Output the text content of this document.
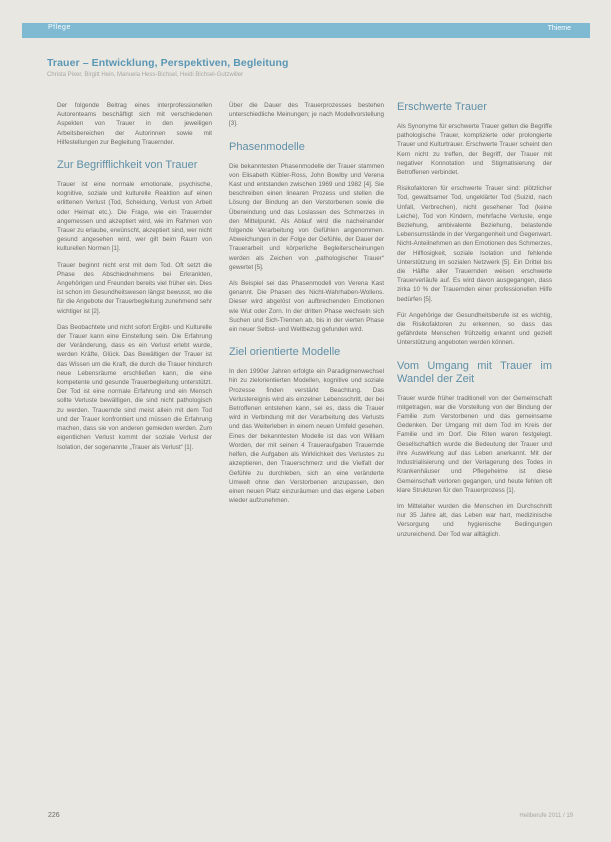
Pflege	Thieme
Trauer – Entwicklung, Perspektiven, Begleitung
Christa Pixer, Birgitt Hein, Manuela Hess-Bichsel, Heidi Bichsel-Gutzwiller

Der folgende Beitrag eines interprofessionellen Autorenteams beschäftigt sich mit verschiedenen Aspekten von Trauer in den jeweiligen Arbeitsbereichen der Autorinnen sowie mit Hilfestellungen zur Begleitung Trauernder.

Zur Begrifflichkeit von Trauer

Trauer ist eine normale emotionale, psychische, kognitive, soziale und kulturelle Reaktion auf einen erlittenen Verlust (Tod, Scheidung, Verlust von Arbeit oder Heimat etc.). Die Frage, wie ein Trauernder angemessen und akzeptiert wird, wie im Rahmen von Trauer zu erlaube, erwünscht, akzeptiert sind, wer nicht gesund angesehen wird, wer gilt beim Raum von kulturellen Normen [1].

Trauer beginnt nicht erst mit dem Tod. Oft setzt die Phase des Abschiednehmens bei Erkrankten, Angehörigen und Freunden bereits viel früher ein. Dies ist schon im Gesundheitswesen längst bewusst, wo die für die Angebote der Trauerbegleitung zunehmend sehr wichtiger ist [2].

Das Beobachtete und nicht sofort Ergibt- und Kulturelle der Trauer kann eine Einstellung sein. Die Erfahrung der Veränderung, dass es ein Verlust erlebt wurde, werden Kräfte, Glück. Das Bewältigen der Trauer ist das Wissen um die Kraft, die durch die Trauer hindurch neue Lebensräume erschließen kann, die eine kompetente und gesunde Trauerbegleitung unterstützt. Der Tod ist eine normale Erfahrung und ein Mensch sollte Verluste bewältigen, die sind nicht pathologisch zu werden. Trauernde sind meist allein mit dem Tod und der Trauer konfrontiert und müssen die Erfahrung machen, dass sie von anderen gemieden werden. Zum eigentlichen Verlust kommt der soziale Verlust der Isolation, der sogenannte „Trauer als Verlust“ [1].

Über die Dauer des Trauerprozesses bestehen unterschiedliche Meinungen; je nach Modellvorstellung [3].

Phasenmodelle

Die bekanntesten Phasenmodelle der Trauer stammen von Elisabeth Kübler-Ross, John Bowlby und Verena Kast und entstanden zwischen 1969 und 1982 [4]. Sie beschreiben einen linearen Prozess und stellen die Lösung der Bindung an den Verstorbenen sowie die Überwindung und das Loslassen des Schmerzes in den Mittelpunkt. Als Ablauf wird die nacheinander folgende Verarbeitung von Gefühlen angenommen. Abweichungen in der Folge der Gefühle, der Dauer der Trauerarbeit und körperliche Begleiterscheinungen werden als Zeichen von „pathologischer Trauer“ gewertet [5].

Als Beispiel sei das Phasenmodell von Verena Kast genannt. Die Phasen des Nicht-Wahrhaben-Wollens. Dieser wird abgelöst von aufbrechenden Emotionen wie Wut oder Zorn. In der dritten Phase wechseln sich Suchen und Sich-Trennen ab, bis in der vierten Phase ein neuer Selbst- und Weltbezug gefunden wird.

Ziel orientierte Modelle

In den 1990er Jahren erfolgte ein Paradigmenwechsel hin zu zielorientierten Modellen, kognitive und soziale Prozesse finden verstärkt Beachtung. Das Verlustereignis wird als einzelner Lebensschritt, der bei Betroffenen entstehen kann, sei es, dass die Trauer wird in Verbindung mit der Verarbeitung des Verlusts und das Weiterleben in einem neuen Umfeld gesehen. Eines der bekanntesten Modelle ist das von William Worden, der mit seinen 4 Traueraufgaben Trauernde helfen, die Aufgaben als Wirklichkeit des Verlustes zu akzeptieren, den Trauerschmerz und die Vielfalt der Gefühle zu durchleben, sich an eine veränderte Umwelt ohne den Verstorbenen anzupassen, den einen neuen Platz einzuräumen und das eigene Leben wieder aufzunehmen.

Erschwerte Trauer

Als Synonyme für erschwerte Trauer gelten die Begriffe pathologische Trauer, komplizierte oder prolongierte Trauer und Kulturtrauer. Erschwerte Trauer scheint den Kern nicht zu treffen, der Begriff, der Trauer mit negativer Konnotation und Stigmatisierung der Betroffenen verbindet.

Risikofaktoren für erschwerte Trauer sind: plötzlicher Tod, gewaltsamer Tod, ungeklärter Tod (Suizid, nach Unfall, Verbrechen), nicht gesehener Tod (keine Leiche), Tod von Kindern, mehrfache Verluste, enge Beziehung, ambivalente Beziehung, belastende Lebensumstände in der Vergangenheit und Gegenwart. Nicht-Anteilnehmen an den Emotionen des Schmerzes, der Hilflosigkeit, soziale Isolation und fehlende Unterstützung im sozialen Netzwerk [5]. Ein Drittel bis die Hälfte aller Trauernden weisen erschwerte Trauerverläufe auf. Es wird davon ausgegangen, dass zirka 10 % der Trauernden einer professionellen Hilfe bedürfen [5].

Für Angehörige der Gesundheitsberufe ist es wichtig, die Risikofaktoren zu erkennen, so dass das gefährdete Menschen frühzeitig erkannt und gezielt Unterstützung angeboten werden können.

Vom Umgang mit Trauer im Wandel der Zeit

Trauer wurde früher traditionell von der Gemeinschaft mitgetragen, war die Vorstellung von der Bindung der Familie zum Verstorbenen und das gemeinsame Gedenken. Der Umgang mit dem Tod im Kreis der Familie und im Dorf. Die Riten waren festgelegt. Gesellschaftlich wurde die Bedeutung der Trauer und ihre Auswirkung auf das Leben anerkannt. Mit der Industrialisierung und der Verlagerung des Todes in Krankenhäuser und Pflegeheime ist diese Gemeinschaft verloren gegangen, und heute fehlen oft klare Strukturen für den Trauerprozess [1].

Im Mittelalter wurden die Menschen im Durchschnitt nur 35 Jahre alt, das Leben war hart, medizinische Versorgung und hygienische Bedingungen unzureichend. Der Tod war alltäglich.

226	Heilberufe 2011 / 19
